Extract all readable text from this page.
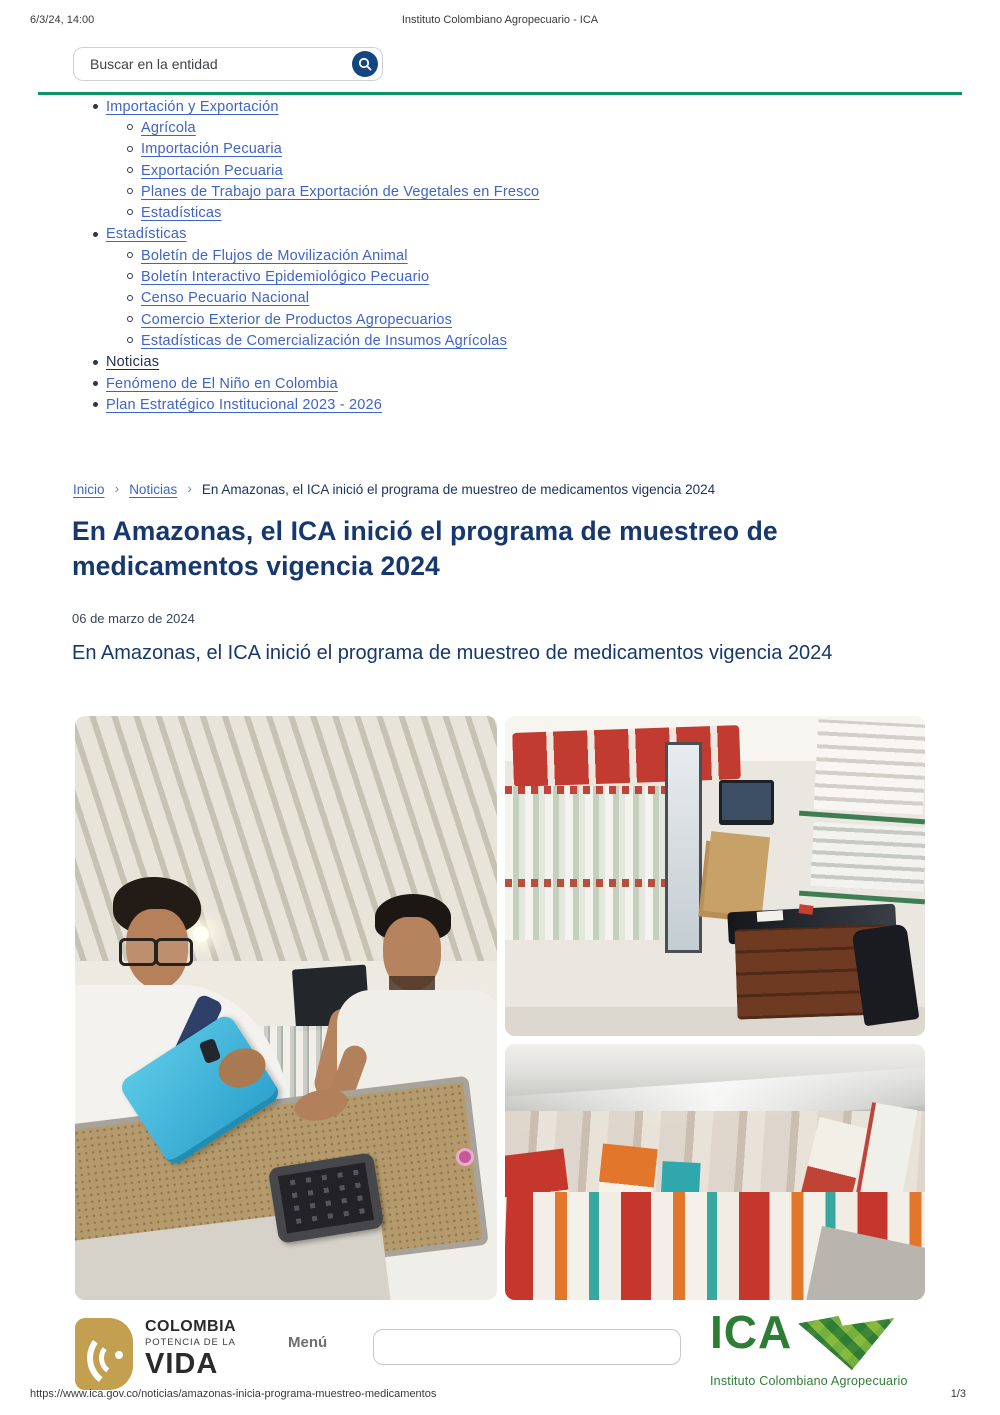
6/3/24, 14:00	Instituto Colombiano Agropecuario - ICA
Buscar en la entidad
Importación y Exportación
Agrícola
Importación Pecuaria
Exportación Pecuaria
Planes de Trabajo para Exportación de Vegetales en Fresco
Estadísticas
Estadísticas
Boletín de Flujos de Movilización Animal
Boletín Interactivo Epidemiológico Pecuario
Censo Pecuario Nacional
Comercio Exterior de Productos Agropecuarios
Estadísticas de Comercialización de Insumos Agrícolas
Noticias
Fenómeno de El Niño en Colombia
Plan Estratégico Institucional 2023 - 2026
Inicio › Noticias › En Amazonas, el ICA inició el programa de muestreo de medicamentos vigencia 2024
En Amazonas, el ICA inició el programa de muestreo de medicamentos vigencia 2024
06 de marzo de 2024
En Amazonas, el ICA inició el programa de muestreo de medicamentos vigencia 2024
COLOMBIA
POTENCIA DE LA
VIDA
Menú	ICA
Instituto Colombiano Agropecuario
https://www.ica.gov.co/noticias/amazonas-inicia-programa-muestreo-medicamentos	1/3
